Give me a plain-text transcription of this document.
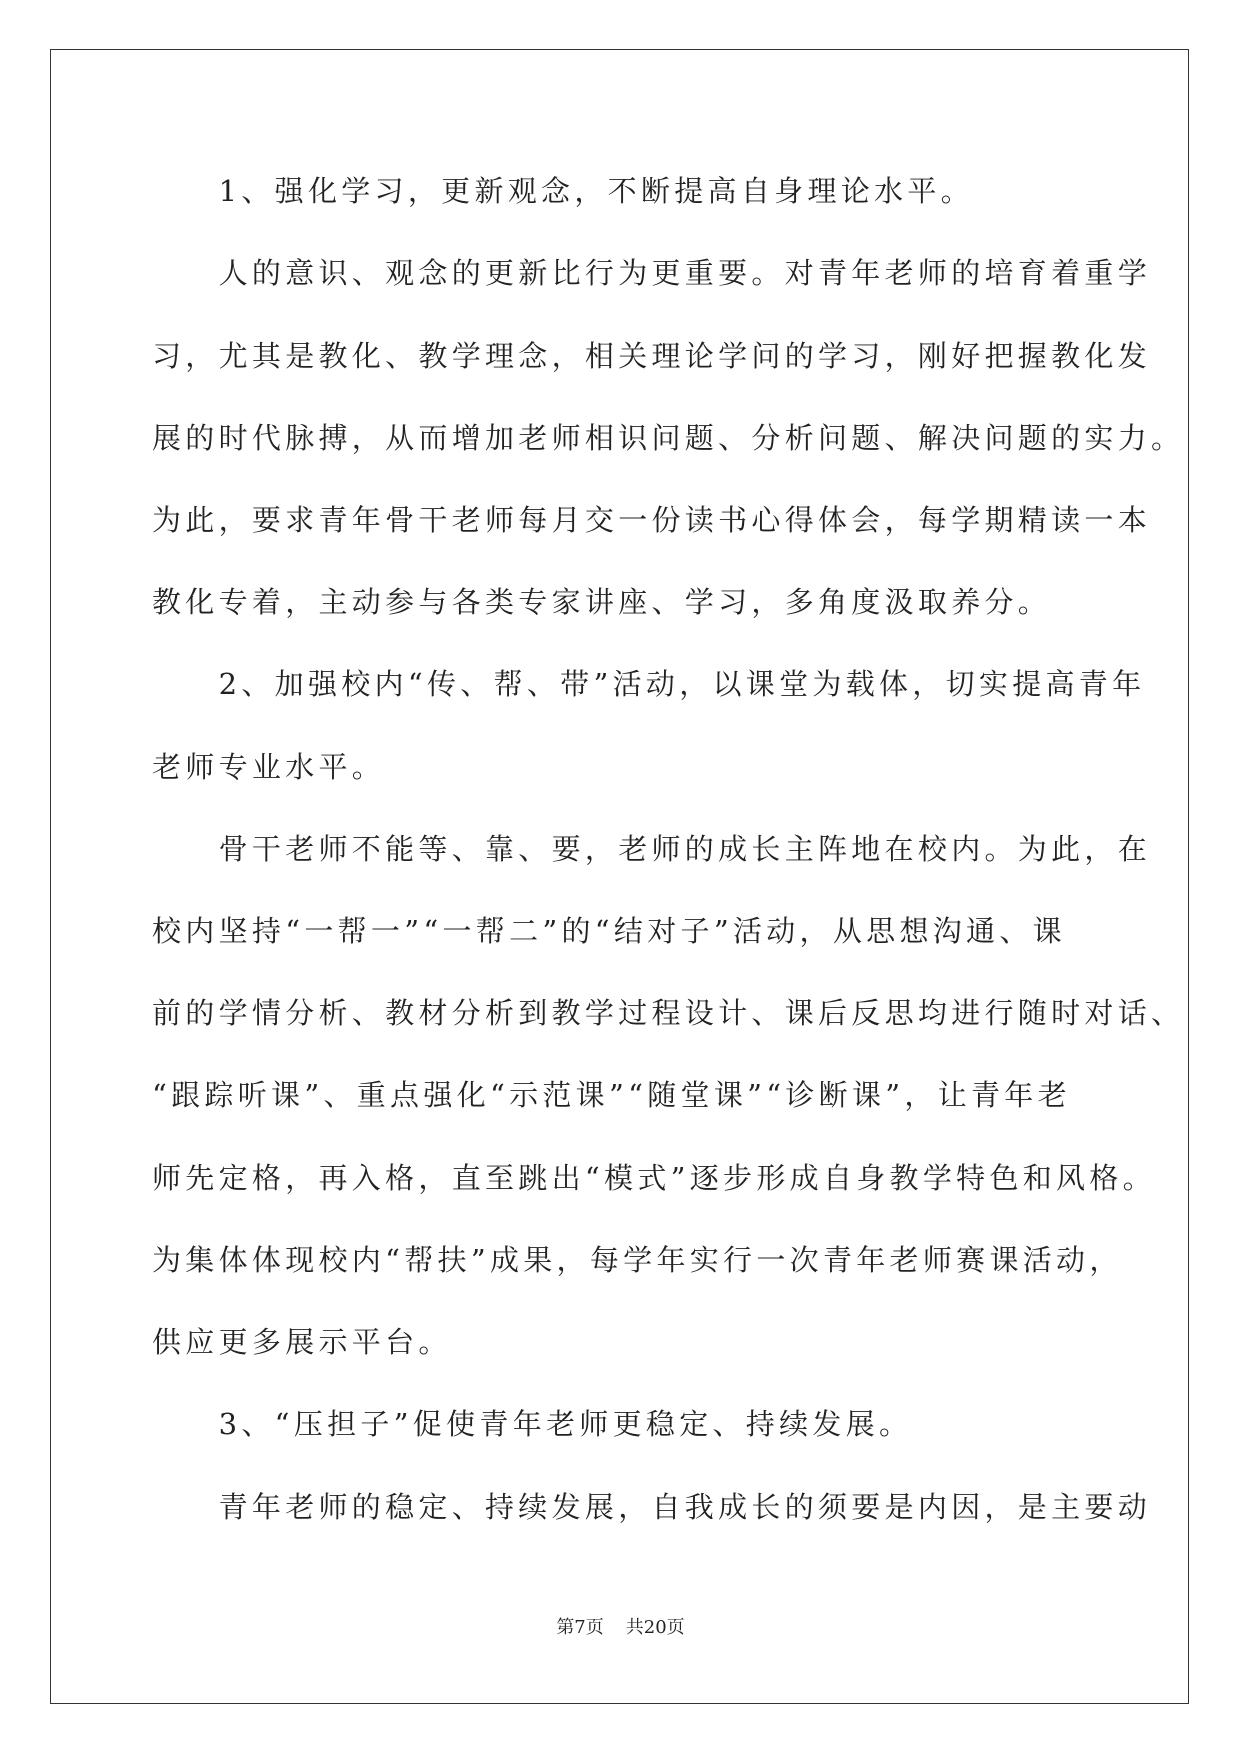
　　1、强化学习，更新观念，不断提高自身理论水平。
　　人的意识、观念的更新比行为更重要。对青年老师的培育着重学
习，尤其是教化、教学理念，相关理论学问的学习，刚好把握教化发
展的时代脉搏，从而增加老师相识问题、分析问题、解决问题的实力。
为此，要求青年骨干老师每月交一份读书心得体会，每学期精读一本
教化专着，主动参与各类专家讲座、学习，多角度汲取养分。
　　2、加强校内“传、帮、带”活动，以课堂为载体，切实提高青年
老师专业水平。
　　骨干老师不能等、靠、要，老师的成长主阵地在校内。为此，在
校内坚持“一帮一”“一帮二”的“结对子”活动，从思想沟通、课
前的学情分析、教材分析到教学过程设计、课后反思均进行随时对话、
“跟踪听课”、重点强化“示范课”“随堂课”“诊断课”，让青年老
师先定格，再入格，直至跳出“模式”逐步形成自身教学特色和风格。
为集体体现校内“帮扶”成果，每学年实行一次青年老师赛课活动，
供应更多展示平台。
　　3、“压担子”促使青年老师更稳定、持续发展。
　　青年老师的稳定、持续发展，自我成长的须要是内因，是主要动
第7页 共20页
